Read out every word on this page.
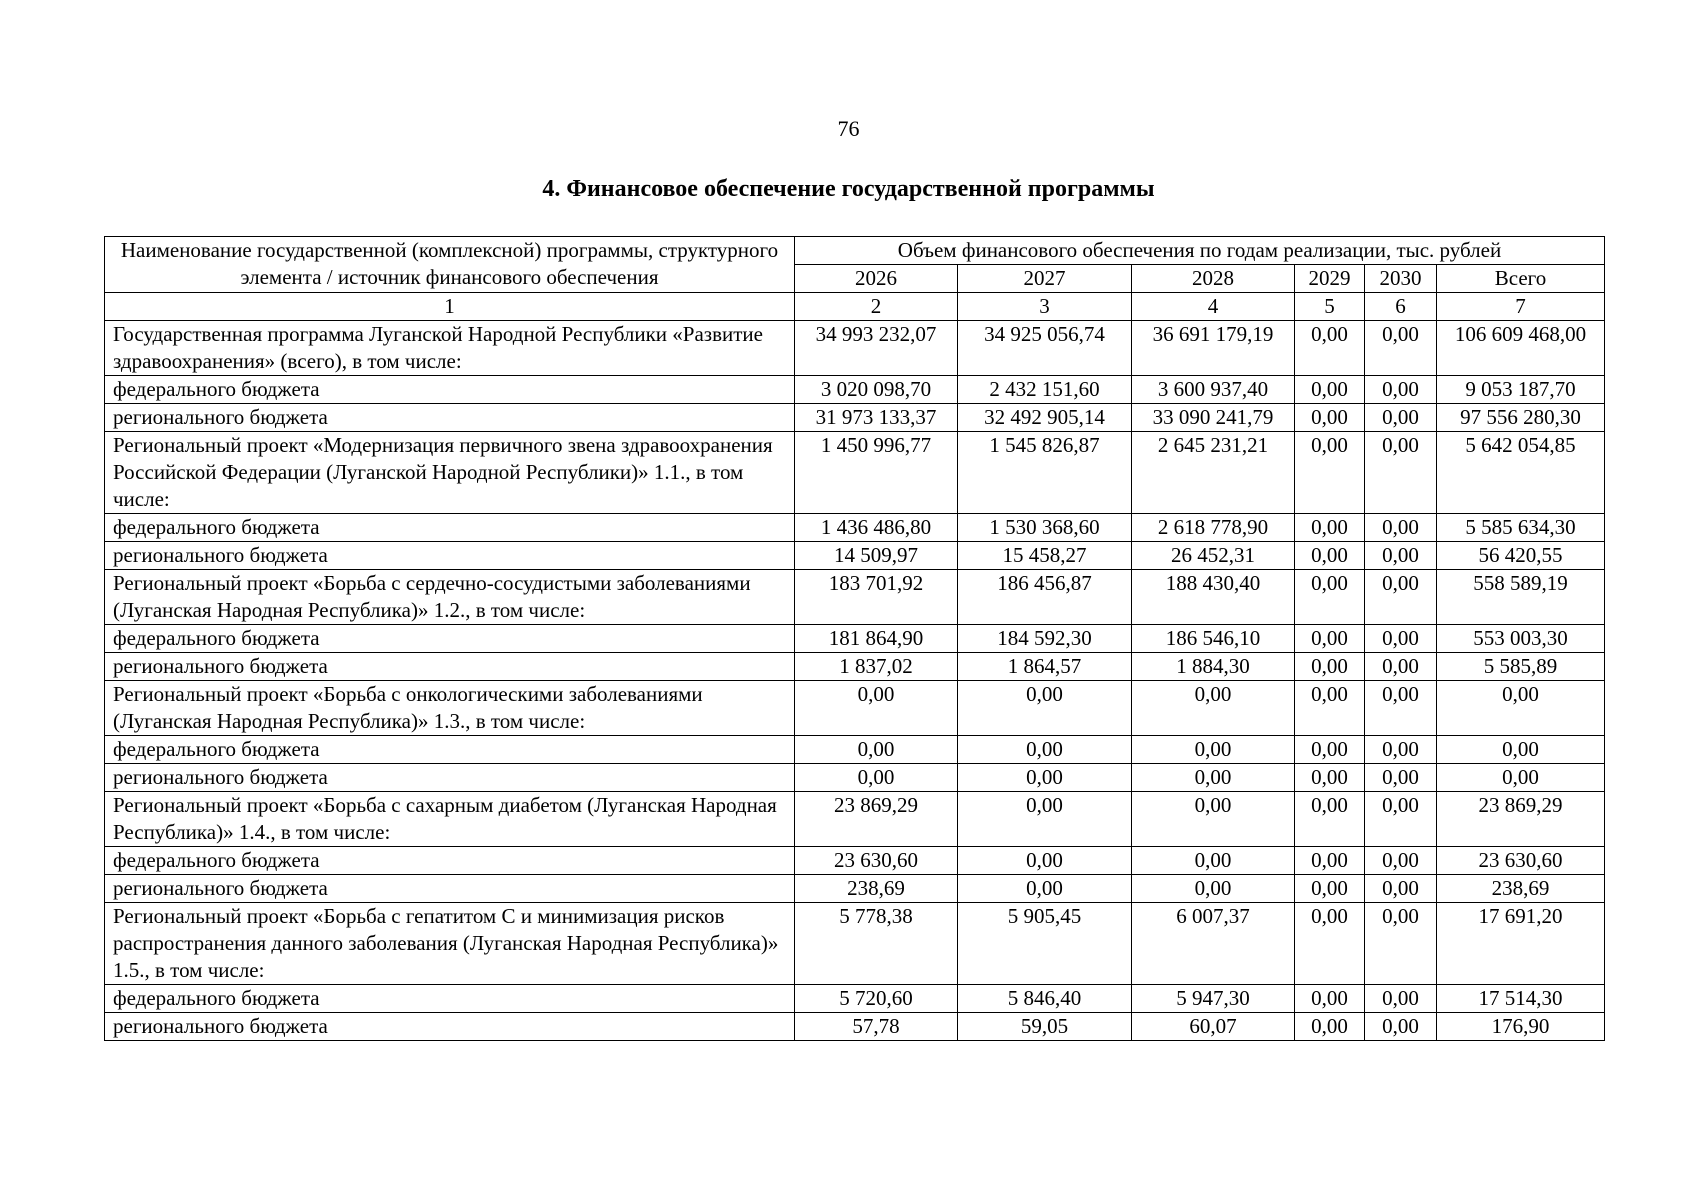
76
4. Финансовое обеспечение государственной программы
Наименование государственной (комплексной) программы, структурного элемента / источник финансового обеспечения	Объем финансового обеспечения по годам реализации, тыс. рублей					
	2026	2027	2028	2029	2030	Всего
1	2	3	4	5	6	7
Государственная программа Луганской Народной Республики «Развитие здравоохранения» (всего), в том числе:	34 993 232,07	34 925 056,74	36 691 179,19	0,00	0,00	106 609 468,00
федерального бюджета	3 020 098,70	2 432 151,60	3 600 937,40	0,00	0,00	9 053 187,70
регионального бюджета	31 973 133,37	32 492 905,14	33 090 241,79	0,00	0,00	97 556 280,30
Региональный проект «Модернизация первичного звена здравоохранения Российской Федерации (Луганской Народной Республики)» 1.1., в том числе:	1 450 996,77	1 545 826,87	2 645 231,21	0,00	0,00	5 642 054,85
федерального бюджета	1 436 486,80	1 530 368,60	2 618 778,90	0,00	0,00	5 585 634,30
регионального бюджета	14 509,97	15 458,27	26 452,31	0,00	0,00	56 420,55
Региональный проект «Борьба с сердечно-сосудистыми заболеваниями (Луганская Народная Республика)» 1.2., в том числе:	183 701,92	186 456,87	188 430,40	0,00	0,00	558 589,19
федерального бюджета	181 864,90	184 592,30	186 546,10	0,00	0,00	553 003,30
регионального бюджета	1 837,02	1 864,57	1 884,30	0,00	0,00	5 585,89
Региональный проект «Борьба с онкологическими заболеваниями (Луганская Народная Республика)» 1.3., в том числе:	0,00	0,00	0,00	0,00	0,00	0,00
федерального бюджета	0,00	0,00	0,00	0,00	0,00	0,00
регионального бюджета	0,00	0,00	0,00	0,00	0,00	0,00
Региональный проект «Борьба с сахарным диабетом (Луганская Народная Республика)» 1.4., в том числе:	23 869,29	0,00	0,00	0,00	0,00	23 869,29
федерального бюджета	23 630,60	0,00	0,00	0,00	0,00	23 630,60
регионального бюджета	238,69	0,00	0,00	0,00	0,00	238,69
Региональный проект «Борьба с гепатитом С и минимизация рисков распространения данного заболевания (Луганская Народная Республика)» 1.5., в том числе:	5 778,38	5 905,45	6 007,37	0,00	0,00	17 691,20
федерального бюджета	5 720,60	5 846,40	5 947,30	0,00	0,00	17 514,30
регионального бюджета	57,78	59,05	60,07	0,00	0,00	176,90
